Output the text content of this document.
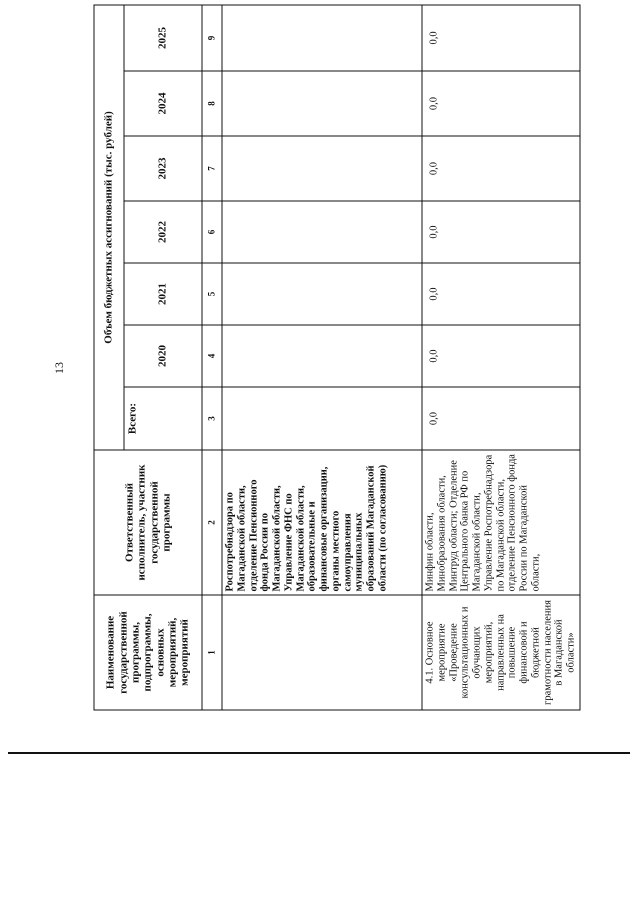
13
Наименование государственной программы, подпрограммы, основных мероприятий, мероприятий	Ответственный исполнитель, участник государственной программы	Объем бюджетных ассигнований (тыс. рублей)						
		Всего:	2020	2021	2022	2023	2024	2025
1	2	3	4	5	6	7	8	9
	Роспотребнадзора по Магаданской области, отделение Пенсионного фонда России по Магаданской области, Управление ФНС по Магаданской области, образовательные и финансовые организации, органы местного самоуправления муниципальных образований Магаданской области (по согласованию)							
4.1. Основное мероприятие «Проведение консультационных и обучающих мероприятий, направленных на повышение финансовой и бюджетной грамотности населения в Магаданской области»	Минфин области, Минобразования области, Минтруд области; Отделение Центрального банка РФ по Магаданской области, Управление Роспотребнадзора по Магаданской области, отделение Пенсионного фонда России по Магаданской области,	0,0	0,0	0,0	0,0	0,0	0,0	0,0
